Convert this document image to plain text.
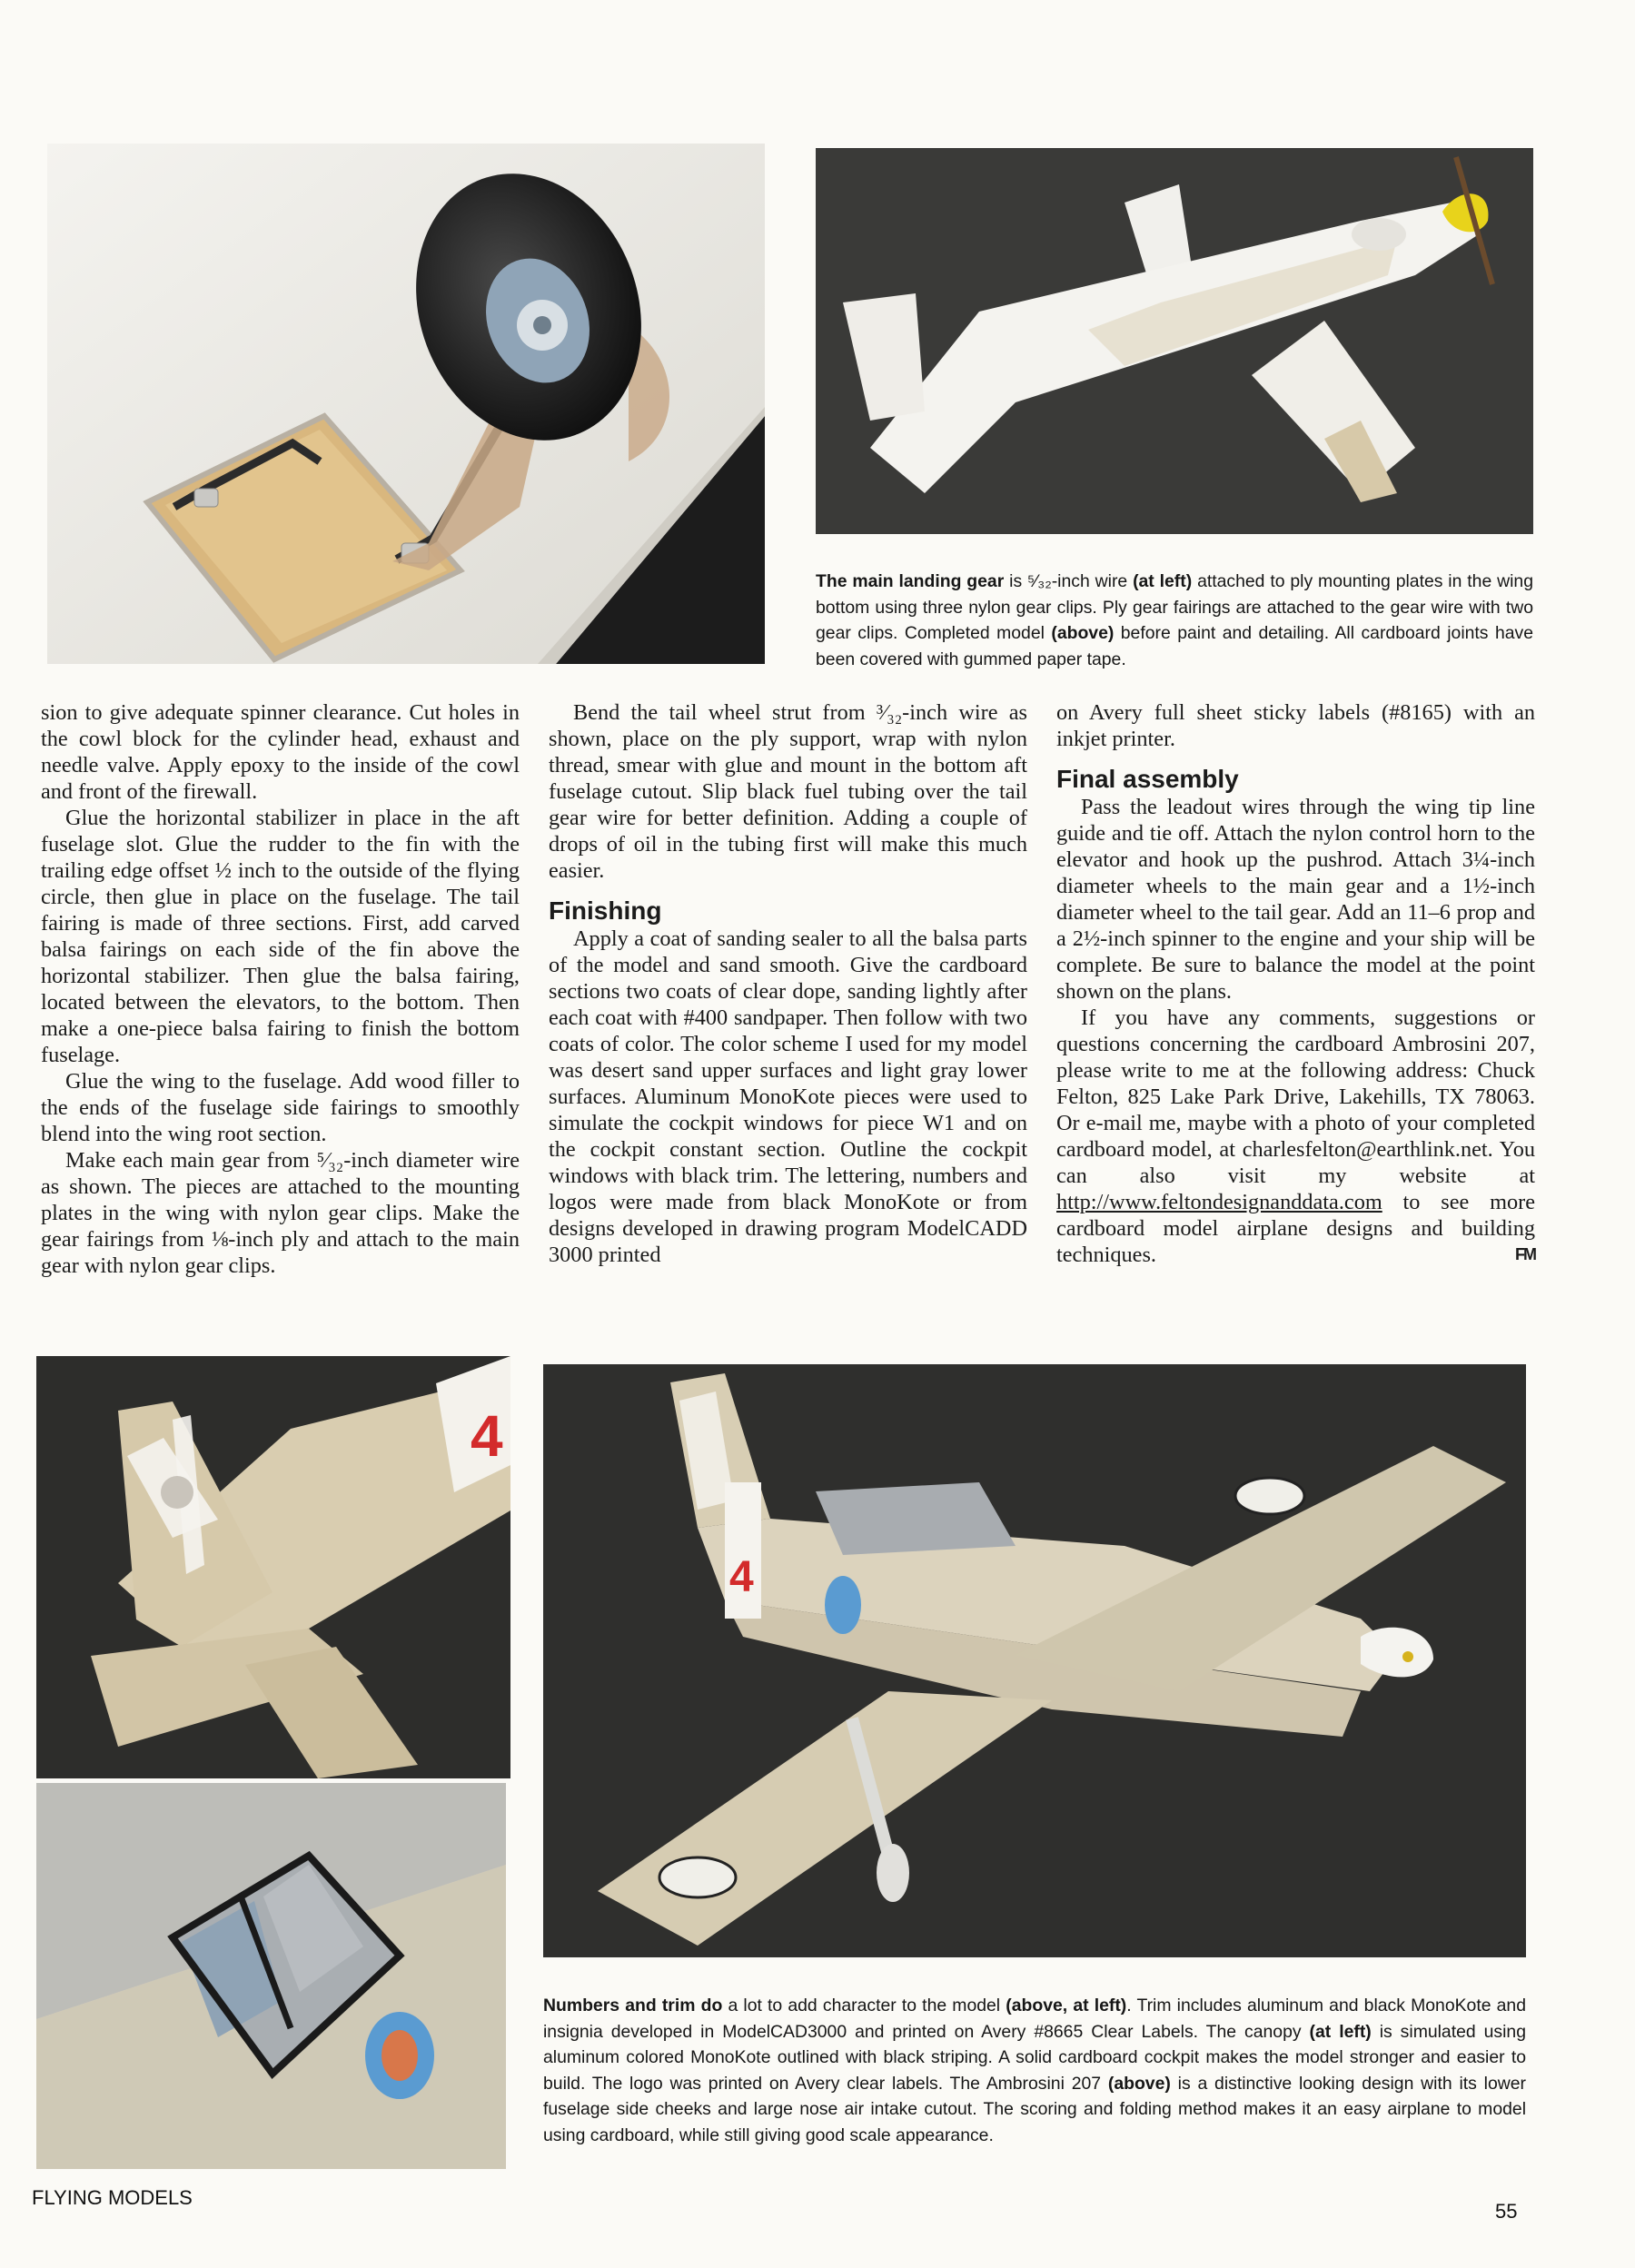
The main landing gear is ⁵⁄₃₂-inch wire (at left) attached to ply mounting plates in the wing bottom using three nylon gear clips. Ply gear fairings are attached to the gear wire with two gear clips. Completed model (above) before paint and detailing. All cardboard joints have been covered with gummed paper tape.

sion to give adequate spinner clearance. Cut holes in the cowl block for the cylinder head, exhaust and needle valve. Apply epoxy to the inside of the cowl and front of the firewall.

Glue the horizontal stabilizer in place in the aft fuselage slot. Glue the rudder to the fin with the trailing edge offset ½ inch to the outside of the flying circle, then glue in place on the fuselage. The tail fairing is made of three sections. First, add carved balsa fairings on each side of the fin above the horizontal stabilizer. Then glue the balsa fairing, located between the elevators, to the bottom. Then make a one-piece balsa fairing to finish the bottom fuselage.

Glue the wing to the fuselage. Add wood filler to the ends of the fuselage side fairings to smoothly blend into the wing root section.

Make each main gear from ⁵⁄₃₂-inch diameter wire as shown. The pieces are attached to the mounting plates in the wing with nylon gear clips. Make the gear fairings from ⅛-inch ply and attach to the main gear with nylon gear clips.

Bend the tail wheel strut from ³⁄₃₂-inch wire as shown, place on the ply support, wrap with nylon thread, smear with glue and mount in the bottom aft fuselage cutout. Slip black fuel tubing over the tail gear wire for better definition. Adding a couple of drops of oil in the tubing first will make this much easier.

Finishing

Apply a coat of sanding sealer to all the balsa parts of the model and sand smooth. Give the cardboard sections two coats of clear dope, sanding lightly after each coat with #400 sandpaper. Then follow with two coats of color. The color scheme I used for my model was desert sand upper surfaces and light gray lower surfaces. Aluminum MonoKote pieces were used to simulate the cockpit windows for piece W1 and on the cockpit constant section. Outline the cockpit windows with black trim. The lettering, numbers and logos were made from black MonoKote or from designs developed in drawing program ModelCADD 3000 printed

on Avery full sheet sticky labels (#8165) with an inkjet printer.

Final assembly

Pass the leadout wires through the wing tip line guide and tie off. Attach the nylon control horn to the elevator and hook up the pushrod. Attach 3¼-inch diameter wheels to the main gear and a 1½-inch diameter wheel to the tail gear. Add an 11–6 prop and a 2½-inch spinner to the engine and your ship will be complete. Be sure to balance the model at the point shown on the plans.

If you have any comments, suggestions or questions concerning the cardboard Ambrosini 207, please write to me at the following address: Chuck Felton, 825 Lake Park Drive, Lakehills, TX 78063. Or e-mail me, maybe with a photo of your completed cardboard model, at charlesfelton@earthlink.net. You can also visit my website at http://www.feltondesignanddata.com to see more cardboard model airplane designs and building techniques.	FM

4
4
Numbers and trim do a lot to add character to the model (above, at left). Trim includes aluminum and black MonoKote and insignia developed in ModelCAD3000 and printed on Avery #8665 Clear Labels. The canopy (at left) is simulated using aluminum colored MonoKote outlined with black striping. A solid cardboard cockpit makes the model stronger and easier to build. The logo was printed on Avery clear labels. The Ambrosini 207 (above) is a distinctive looking design with its lower fuselage side cheeks and large nose air intake cutout. The scoring and folding method makes it an easy airplane to model using cardboard, while still giving good scale appearance.
FLYING MODELS
55
